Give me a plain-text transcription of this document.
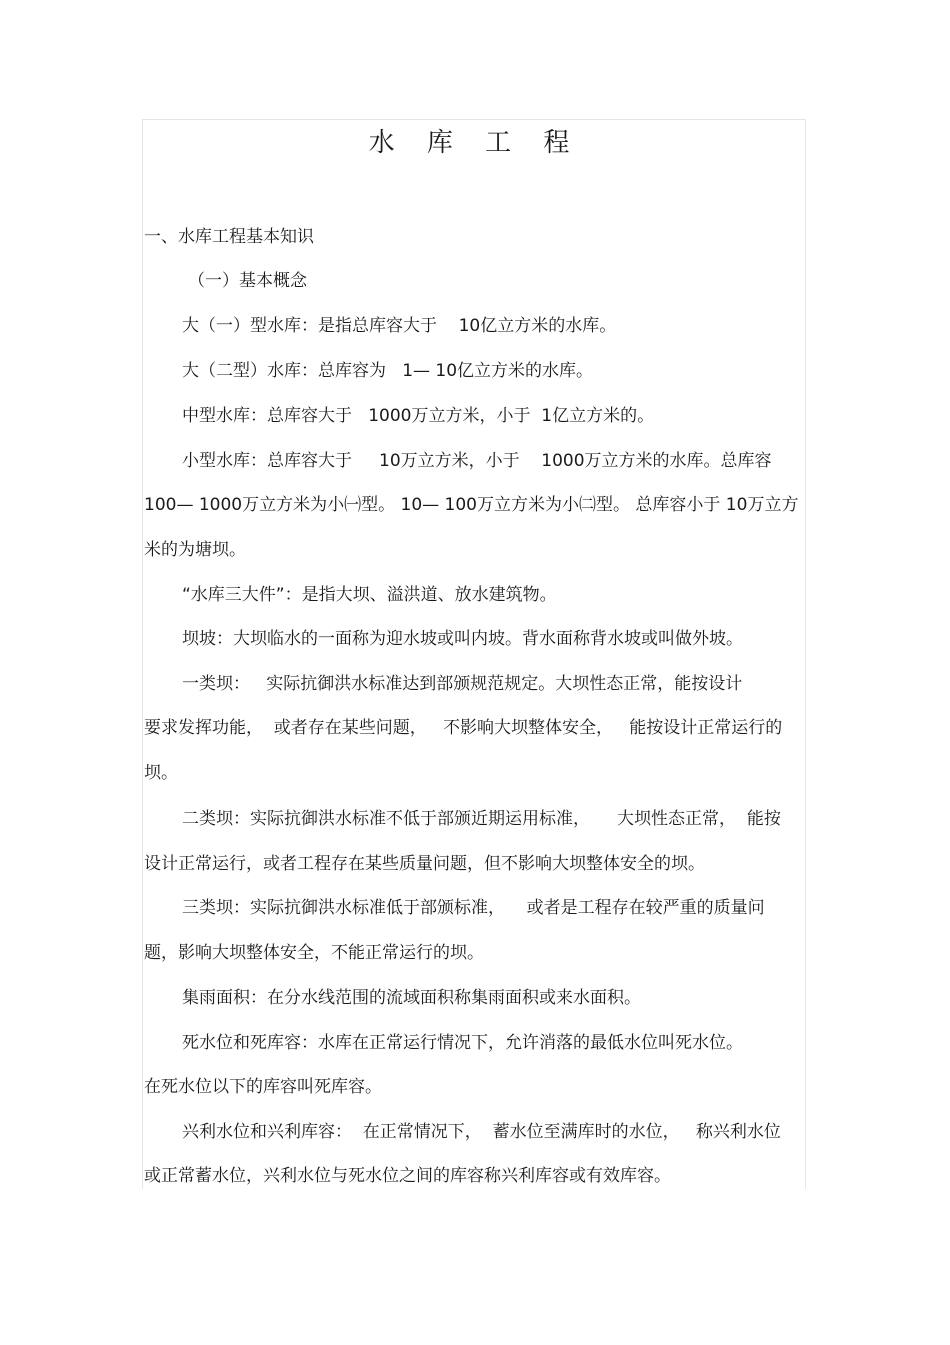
水 库 工 程
一、水库工程基本知识
（一）基本概念
大（一）型水库：是指总库容大于    10亿立方米的水库。
大（二型）水库：总库容为   1— 10亿立方米的水库。
中型水库：总库容大于   1000万立方米，小于  1亿立方米的。
小型水库：总库容大于     10万立方米，小于    1000万立方米的水库。总库容
100— 1000万立方米为小㈠型。 10— 100万立方米为小㈡型。 总库容小于 10万立方
米的为塘坝。
“水库三大件”：是指大坝、溢洪道、放水建筑物。
坝坡：大坝临水的一面称为迎水坡或叫内坡。背水面称背水坡或叫做外坡。
一类坝：   实际抗御洪水标准达到部颁规范规定。大坝性态正常，能按设计
要求发挥功能，  或者存在某些问题，   不影响大坝整体安全，   能按设计正常运行的
坝。
二类坝：实际抗御洪水标准不低于部颁近期运用标准，     大坝性态正常，  能按
设计正常运行，或者工程存在某些质量问题，但不影响大坝整体安全的坝。
三类坝：实际抗御洪水标准低于部颁标准，    或者是工程存在较严重的质量问
题，影响大坝整体安全，不能正常运行的坝。
集雨面积：在分水线范围的流域面积称集雨面积或来水面积。
死水位和死库容：水库在正常运行情况下，允许消落的最低水位叫死水位。
在死水位以下的库容叫死库容。
兴利水位和兴利库容：  在正常情况下，  蓄水位至满库时的水位，   称兴利水位
或正常蓄水位，兴利水位与死水位之间的库容称兴利库容或有效库容。
